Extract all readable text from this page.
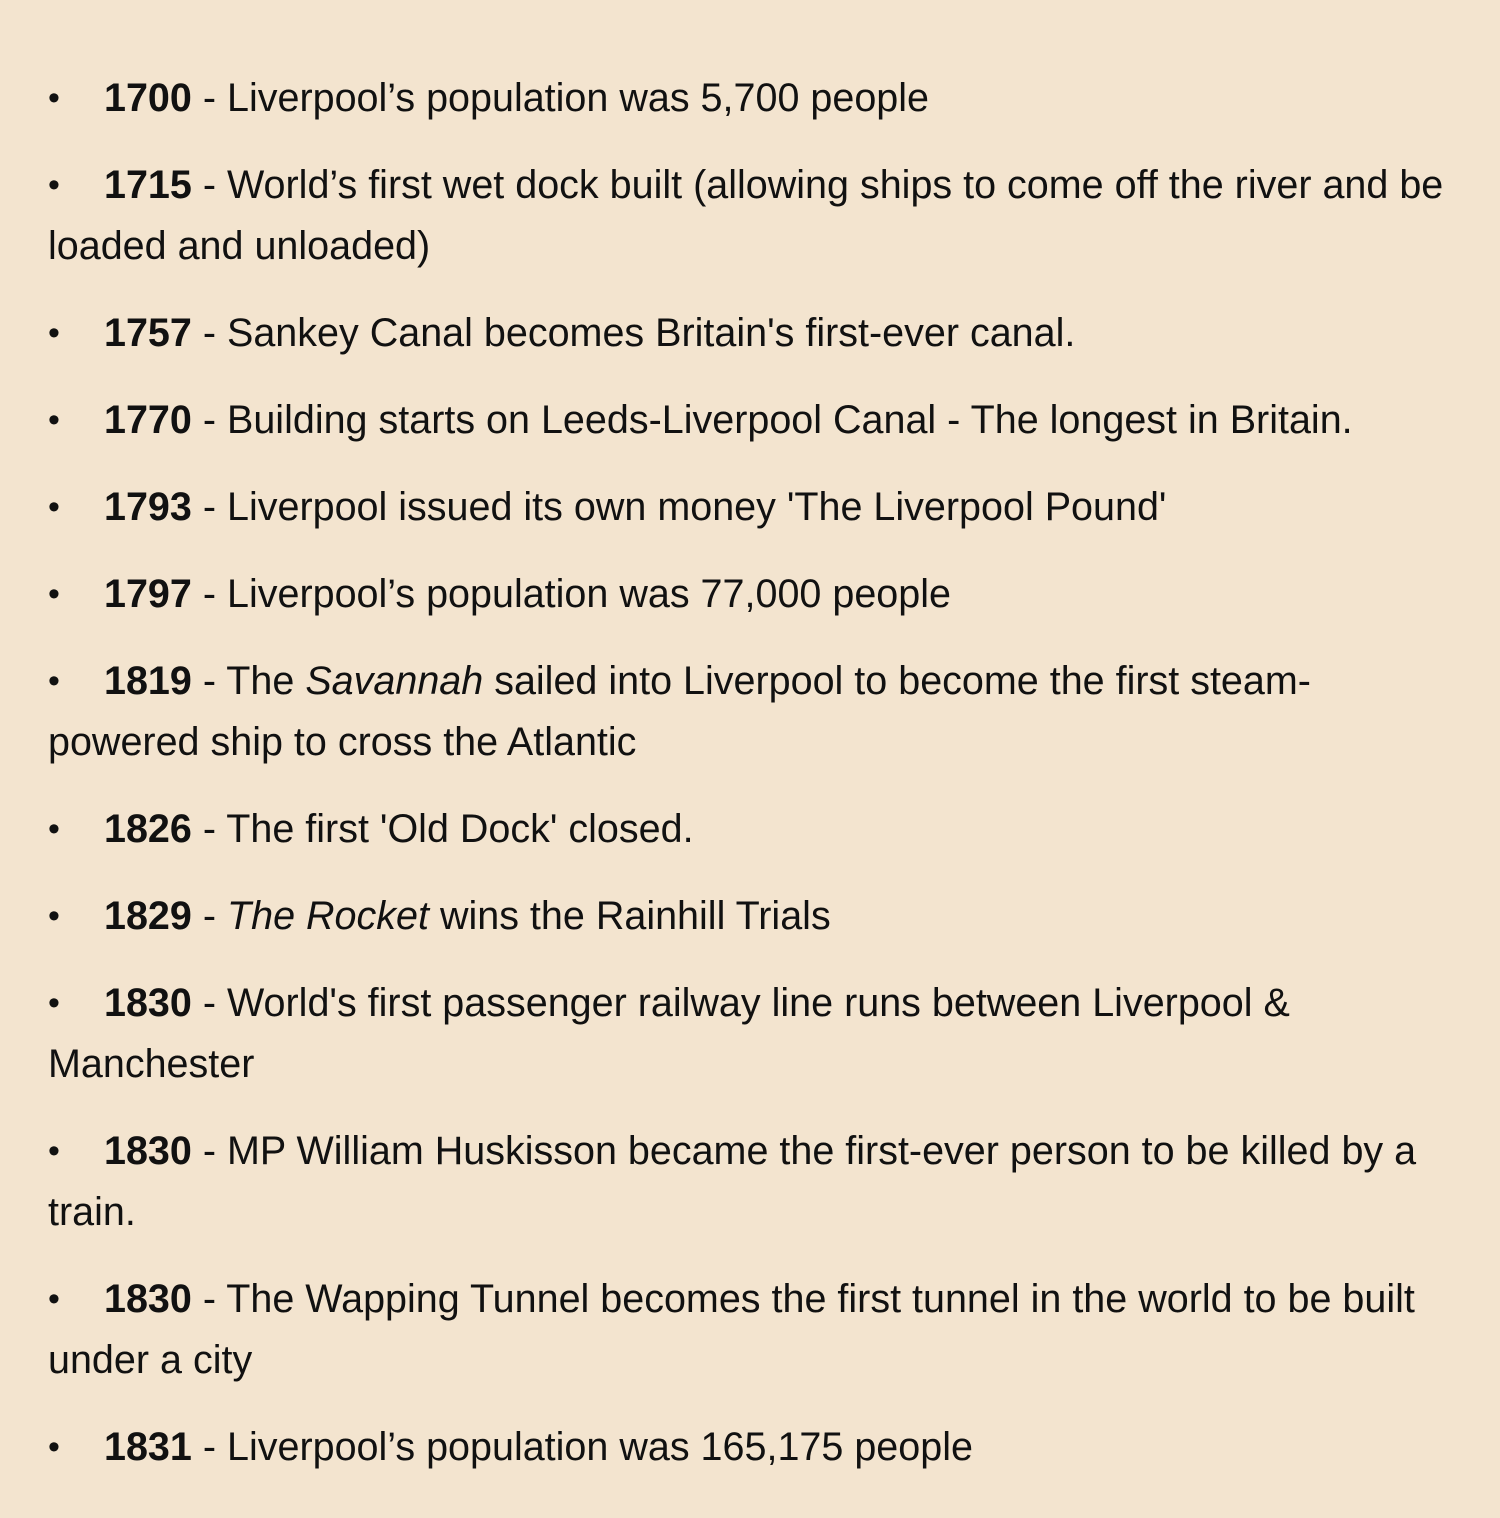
• 1700 - Liverpool’s population was 5,700 people
• 1715 - World’s first wet dock built (allowing ships to come off the river and be loaded and unloaded)
• 1757 - Sankey Canal becomes Britain's first-ever canal.
• 1770 - Building starts on Leeds-Liverpool Canal - The longest in Britain.
• 1793 - Liverpool issued its own money 'The Liverpool Pound'
• 1797 - Liverpool’s population was 77,000 people
• 1819 - The Savannah sailed into Liverpool to become the first steam-powered ship to cross the Atlantic
• 1826 - The first 'Old Dock' closed.
• 1829 - The Rocket wins the Rainhill Trials
• 1830 - World's first passenger railway line runs between Liverpool & Manchester
• 1830 - MP William Huskisson became the first-ever person to be killed by a train.
• 1830 - The Wapping Tunnel becomes the first tunnel in the world to be built under a city
• 1831 - Liverpool’s population was 165,175 people
